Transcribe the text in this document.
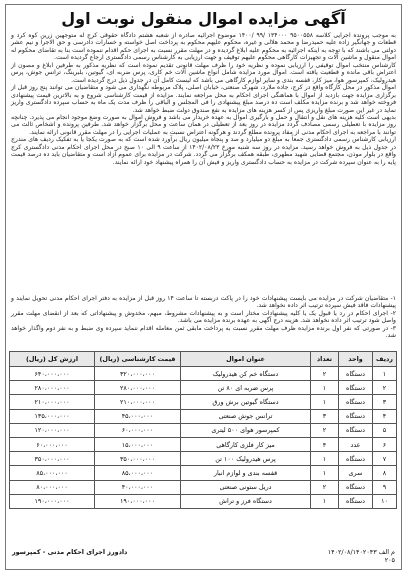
آگهی مزایده اموال منقول نوبت اول

به موجب پرونده اجرایی کلاسه ۹۵۰۰۵۵۸ ۱۳۴۰۰۰ /۹۹ /۱۴۰۰ موضوع اجرائیه صادره از شعبه هشتم دادگاه حقوقی کرج له متوجهین زرین کوه کرد و قطعات و جهانگیر زاده علیه حمیدرضا و محمد هلالی و غیره، محکوم علیهم محکوم به پرداخت اصل خواسته و خسارات دادرسی و حق الاجرا و نیم عشر دولتی می باشند که با توجه به اینکه اجرائیه به محکوم علیه ابلاغ گردیده و در مهلت مقرر نسبت به اجرای حکم اقدام ننموده است بنا به تقاضای محکوم له اموال منقول و ماشین آلات و تجهیزات کارگاهی محکوم علیهم توقیف و جهت ارزیابی به کارشناس رسمی دادگستری ارجاع گردیده است.

کارشناس منتخب اموال توقیفی را ارزیابی نموده و نظریه خود را ظرف مهلت قانونی تقدیم نموده است که نظریه مذکور به طرفین ابلاغ و مصون از اعتراض باقی مانده و قطعیت یافته است. اموال مورد مزایده شامل انواع ماشین آلات خم کاری، پرس ضربه ای، گیوتین، بلبرینگ، ترانس جوش، پرس هیدرولیک، کمپرسور هوا، میز کار، قفسه بندی و سایر لوازم کارگاهی می باشد که لیست کامل آن در جدول ذیل درج گردیده است.

اموال مذکور در محل کارگاه واقع در کرج، جاده ملارد، شهرک صنعتی، خیابان اصلی، پلاک مربوطه نگهداری می شود و متقاضیان می توانند پنج روز قبل از برگزاری مزایده جهت بازدید از اموال با هماهنگی اجرای احکام به محل مراجعه نمایند. مزایده از قیمت کارشناسی شروع و به بالاترین قیمت پیشنهادی فروخته خواهد شد و برنده مزایده مکلف است ده درصد مبلغ پیشنهادی را فی المجلس و الباقی را ظرف مدت یک ماه به حساب سپرده دادگستری واریز نماید در غیر این صورت مبلغ واریزی پس از کسر هزینه های مزایده به نفع صندوق دولت ضبط خواهد شد.

بدیهی است کلیه هزینه های نقل و انتقال و حمل و بارگیری اموال به عهده خریدار می باشد و فروش اموال به صورت وضع موجود انجام می پذیرد. چنانچه روز مزایده با تعطیلی رسمی مصادف گردد مزایده در روز بعد از تعطیلی در همان ساعت و محل برگزار خواهد شد. طرفین پرونده و اشخاص ثالث می توانند با مراجعه به اجرای احکام مدنی از مفاد پرونده مطلع گردند و هرگونه اعتراض نسبت به عملیات اجرایی را در مهلت مقرر قانونی ارائه نمایند.

ارزیابی کارشناس رسمی دادگستری جمعاً به مبلغ دو میلیارد و صد و پنجاه میلیون ریال برآورد شده است که به صورت یکجا یا به تفکیک ردیف های مندرج در جدول ذیل به فروش خواهد رسید. مزایده در روز سه شنبه مورخ ۱۴۰۲/۰۸/۲۳ از ساعت ۹ الی ۱۰ صبح در محل اجرای احکام مدنی دادگستری کرج واقع در بلوار موذن، مجتمع قضایی شهید مطهری، طبقه همکف برگزار می گردد. شرکت در مزایده برای عموم آزاد است و متقاضیان باید ده درصد قیمت پایه را به عنوان سپرده شرکت در مزایده به حساب دادگستری واریز و فیش آن را همراه پیشنهاد خود ارائه نمایند.

۱- متقاضیان شرکت در مزایده می بایست پیشنهادات خود را در پاکت دربسته تا ساعت ۱۴ روز قبل از مزایده به دفتر اجرای احکام مدنی تحویل نمایند و پیشنهادات فاقد فیش سپرده ترتیب اثر داده نخواهد شد.

۲- اجرای احکام در رد یا قبول یک یا کلیه پیشنهادات مختار است و به پیشنهادات مشروط، مبهم، مخدوش و پیشنهاداتی که بعد از انقضای مهلت مقرر واصل شود ترتیب اثر داده نخواهد شد. هزینه درج آگهی به عهده برنده مزایده می باشد.

۳- در صورتی که نفر اول برنده مزایده ظرف مهلت مقرر نسبت به پرداخت مابقی ثمن معامله اقدام ننماید سپرده وی ضبط و به نفر دوم واگذار خواهد شد.

ردیف	واحد	تعداد	عنوان اموال	قیمت کارشناسی (ریال)	ارزش کل (ریال)
۱	دستگاه	۲	دستگاه خم کن هیدرولیک	۳۲۰،۰۰۰،۰۰۰	۶۴۰،۰۰۰،۰۰۰
۲	دستگاه	۱	پرس ضربه ای ۸۰ تن	۲۸۰،۰۰۰،۰۰۰	۲۸۰،۰۰۰،۰۰۰
۳	دستگاه	۱	دستگاه گیوتین برش ورق	۲۱۰،۰۰۰،۰۰۰	۲۱۰،۰۰۰،۰۰۰
۴	دستگاه	۳	ترانس جوش صنعتی	۴۵،۰۰۰،۰۰۰	۱۳۵،۰۰۰،۰۰۰
۵	دستگاه	۲	کمپرسور هوای ۵۰۰ لیتری	۶۰،۰۰۰،۰۰۰	۱۲۰،۰۰۰،۰۰۰
۶	عدد	۴	میز کار فلزی کارگاهی	۱۵،۰۰۰،۰۰۰	۶۰،۰۰۰،۰۰۰
۷	دستگاه	۱	پرس هیدرولیک ۱۰۰ تن	۳۵۰،۰۰۰،۰۰۰	۳۵۰،۰۰۰،۰۰۰
۸	سری	۱	قفسه بندی و لوازم انبار	۸۵،۰۰۰،۰۰۰	۸۵،۰۰۰،۰۰۰
۹	دستگاه	۲	دریل ستونی صنعتی	۴۰،۰۰۰،۰۰۰	۸۰،۰۰۰،۰۰۰
۱۰	دستگاه	۱	دستگاه فرز و تراش	۱۹۰،۰۰۰،۰۰۰	۱۹۰،۰۰۰،۰۰۰
م الف ۱۴۰۲/۰۸/۱۴۰۲۰۴۳
۲۰۵
دادورز اجرای احکام مدنی - کمپرسور
